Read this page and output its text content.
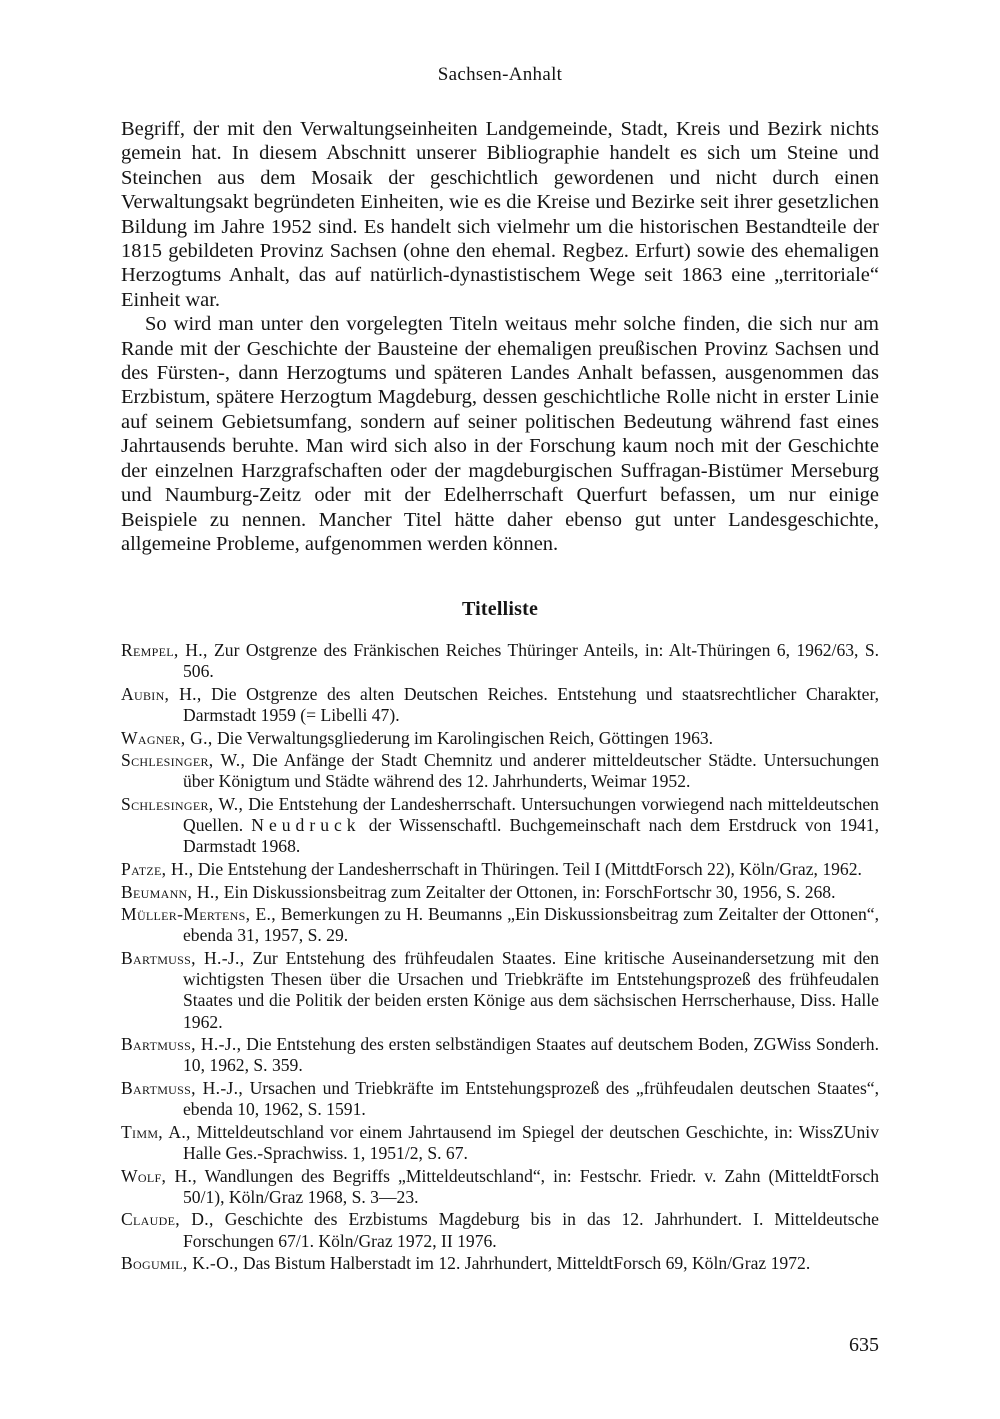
Sachsen-Anhalt

Begriff, der mit den Verwaltungseinheiten Landgemeinde, Stadt, Kreis und Bezirk nichts gemein hat. In diesem Abschnitt unserer Bibliographie handelt es sich um Steine und Steinchen aus dem Mosaik der geschichtlich gewordenen und nicht durch einen Verwaltungsakt begründeten Einheiten, wie es die Kreise und Bezirke seit ihrer gesetzlichen Bildung im Jahre 1952 sind. Es handelt sich vielmehr um die historischen Bestandteile der 1815 gebildeten Provinz Sachsen (ohne den ehemal. Regbez. Erfurt) sowie des ehemaligen Herzogtums Anhalt, das auf natürlich-dynastistischem Wege seit 1863 eine „territoriale“ Einheit war.

So wird man unter den vorgelegten Titeln weitaus mehr solche finden, die sich nur am Rande mit der Geschichte der Bausteine der ehemaligen preußischen Provinz Sachsen und des Fürsten-, dann Herzogtums und späteren Landes Anhalt befassen, ausgenommen das Erzbistum, spätere Herzogtum Magdeburg, dessen geschichtliche Rolle nicht in erster Linie auf seinem Gebietsumfang, sondern auf seiner politischen Bedeutung während fast eines Jahrtausends beruhte. Man wird sich also in der Forschung kaum noch mit der Geschichte der einzelnen Harzgrafschaften oder der magdeburgischen Suffragan-Bistümer Merseburg und Naumburg-Zeitz oder mit der Edelherrschaft Querfurt befassen, um nur einige Beispiele zu nennen. Mancher Titel hätte daher ebenso gut unter Landesgeschichte, allgemeine Probleme, aufgenommen werden können.

Titelliste
Rempel, H., Zur Ostgrenze des Fränkischen Reiches Thüringer Anteils, in: Alt-Thüringen 6, 1962/63, S. 506.
Aubin, H., Die Ostgrenze des alten Deutschen Reiches. Entstehung und staatsrechtlicher Charakter, Darmstadt 1959 (= Libelli 47).
Wagner, G., Die Verwaltungsgliederung im Karolingischen Reich, Göttingen 1963.
Schlesinger, W., Die Anfänge der Stadt Chemnitz und anderer mitteldeutscher Städte. Untersuchungen über Königtum und Städte während des 12. Jahrhunderts, Weimar 1952.
Schlesinger, W., Die Entstehung der Landesherrschaft. Untersuchungen vorwiegend nach mitteldeutschen Quellen. Neudruck der Wissenschaftl. Buchgemeinschaft nach dem Erstdruck von 1941, Darmstadt 1968.
Patze, H., Die Entstehung der Landesherrschaft in Thüringen. Teil I (MittdtForsch 22), Köln/Graz, 1962.
Beumann, H., Ein Diskussionsbeitrag zum Zeitalter der Ottonen, in: ForschFortschr 30, 1956, S. 268.
Müller-Mertens, E., Bemerkungen zu H. Beumanns „Ein Diskussionsbeitrag zum Zeitalter der Ottonen“, ebenda 31, 1957, S. 29.
Bartmuss, H.-J., Zur Entstehung des frühfeudalen Staates. Eine kritische Auseinandersetzung mit den wichtigsten Thesen über die Ursachen und Triebkräfte im Entstehungsprozeß des frühfeudalen Staates und die Politik der beiden ersten Könige aus dem sächsischen Herrscherhause, Diss. Halle 1962.
Bartmuss, H.-J., Die Entstehung des ersten selbständigen Staates auf deutschem Boden, ZGWiss Sonderh. 10, 1962, S. 359.
Bartmuss, H.-J., Ursachen und Triebkräfte im Entstehungsprozeß des „frühfeudalen deutschen Staates“, ebenda 10, 1962, S. 1591.
Timm, A., Mitteldeutschland vor einem Jahrtausend im Spiegel der deutschen Geschichte, in: WissZUniv Halle Ges.-Sprachwiss. 1, 1951/2, S. 67.
Wolf, H., Wandlungen des Begriffs „Mitteldeutschland“, in: Festschr. Friedr. v. Zahn (MitteldtForsch 50/1), Köln/Graz 1968, S. 3—23.
Claude, D., Geschichte des Erzbistums Magdeburg bis in das 12. Jahrhundert. I. Mitteldeutsche Forschungen 67/1. Köln/Graz 1972, II 1976.
Bogumil, K.-O., Das Bistum Halberstadt im 12. Jahrhundert, MitteldtForsch 69, Köln/Graz 1972.
635
